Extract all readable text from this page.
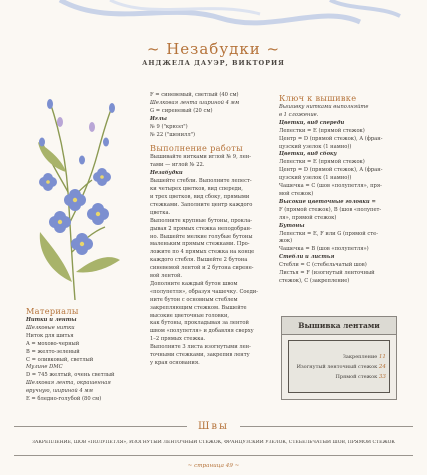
~ Незабудки ~
АНДЖЕЛА ДАУЭР, ВИКТОРИЯ
Материалы

Нитки и ленты

Шелковые нитки

Ниток для шитья

A = мохово-черный

B = желто-зеленый

C = оливковый, светлый

Мулине DMC

D = 745 желтый, очень светлый

Шелковая лента, окрашенная

вручную, шириной 4 мм

E = бледно-голубой (80 см)

F = синевемый, светлый (40 см)

Шелковая лента шириной 4 мм

G = сиреневый (20 см)

Иглы

№ 9 ("крюэл")

№ 22 ("шенилл")

Выполнение работы

Вышивайте нитками иглой № 9, лен-

тами — иглой № 22.

Незабудки

Вышейте стебли. Выполните лепест-

ки четырех цветков, вид спереди,

и трех цветков, вид сбоку, прямыми

стежками. Заполните центр каждого

цветка.

Выполните крупные бутоны, прокла-

дывая 2 прямых стежка неподобран-

но. Вышейте мелкие голубые бутоны

маленьким прямым стежками. Про-

ложите по 4 прямых стежка на конце

каждого стебля. Вышейте 2 бутона

синевемой лентой и 2 бутона сирене-

вой лентой.

Дополните каждый бутон швом

«полупетля», образуя чашечку. Соеди-

ните бутон с основным стеблем

закрепляющим стежком. Вышейте

высокие цветочные головки,

как бутоны, прокладывая за лентой

швом «полупетля» и добавляя сверху

1–2 прямых стежка.

Выполните 3 листа изогнутыми лен-

точными стежками, закрепив ленту

у края основания.

Ключ к вышивке

Вышивку нитками выполняйте

в 1 сложение.

Цветки, вид спереди

Лепестки = E (прямой стежок)

Центр = D (прямой стежок), A (фран-

цузский узелок (1 намно))

Цветки, вид сбоку

Лепестки = E (прямой стежок)

Центр = D (прямой стежок), A (фран-

цузский узелок (1 намно))

Чашечка = C (шов «полупетля», пря-

мой стежок)

Высокие цветочные головки =

F (прямой стежок), B (шов «полупет-

ля», прямой стежок)

Бутоны

Лепестки = E, F или G (прямой сте-

жок)

Чашечка = B (шов «полупетля»)

Стебли и листья

Стебли = C (стебельчатый шов)

Листья = F (изогнутый ленточный

стежок), C (закрепление)

Вышивка лентами
Закрепление 11
Изогнутый ленточный стежок 24
Прямой стежок 33
Швы
ЗАКРЕПЛЕНИЕ, ШОВ «ПОЛУПЕТЛЯ», ИЗОГНУТЫЙ ЛЕНТОЧНЫЙ СТЕЖОК, ФРАНЦУЗСКИЙ УЗЕЛОК, СТЕБЕЛЬЧАТЫЙ ШОВ, ПРЯМОЙ СТЕЖОК
~ страница 49 ~
